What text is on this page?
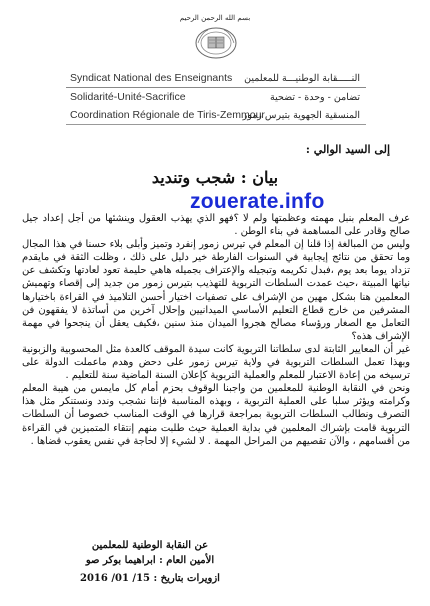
بسم الله الرحمن الرحيم
Syndicat National des Enseignants
Solidarité-Unité-Sacrifice
Coordination Régionale de Tiris-Zemmour
النـــــقابة الوطنيـــة للمعلمين
تضامن - وحدة - تضحية
المنسقية الجهوية بتيرس زمور
إلى السيد الوالي :
بيان : شجب وتنديد
zouerate.info

عرف المعلم بنبل مهمته وعظمتها ولم لا ؟فهو الذي يهذب العقول وينشئها من أجل إعداد جيل صالح وقادر على المساهمة في بناء الوطن .

وليس من المبالغة إذا قلنا إن المعلم في تيرس زمور إنفرد وتميز وأبلى بلاء حسنا في هذا المجال وما تحقق من نتائج إيجابية في السنوات الفارطة خير دليل على ذلك ، وظلت الثقة في مايقدم تزداد يوما بعد يوم ،فبدل تكريمه وتبجيله والإعتراف بجميله هاهي حليمة تعود لعادتها وتكشف عن نياتها المبيتة ،حيث عمدت السلطات التربوية للتهذيب بتيرس زمور من جديد إلى إقصاء وتهميش المعلمين هنا بشكل مهين من الإشراف على تصفيات اختيار أحسن التلاميذ في القراءة باختيارها المشرفين من خارج قطاع التعليم الأساسي الميدانيين وإحلال آخرين من أساتذة لا يفقهون فن التعامل مع الصغار ورؤساء مصالح هجروا الميدان منذ سنين ،فكيف يعقل أن ينجحوا في مهمة الإشراف هذه؟

غير أن المعايير الثابتة لدى سلطاتنا التربوية كانت سيدة الموقف كالعدة مثل المحسوبية والزبونية وبهذا تعمل السلطات التربوية في ولاية تيرس زمور على دحض وهدم ماعملت الدولة على ترسيخه من إعادة الاعتبار للمعلم والعملية التربوية كإعلان السنة الماضية سنة للتعليم .

ونحن في النقابة الوطنية للمعلمين من واجبنا الوقوف بحزم أمام كل مايمس من هيبة المعلم وكرامته ويؤثر سلبا على العملية التربوية ، وبهذه المناسبة فإننا نشجب وندد ونستنكر مثل هذا التصرف ونطالب السلطات التربوية بمراجعة قرارها في الوقت المناسب خصوصا أن السلطات التربوية قامت بإشراك المعلمين في بداية العملية حيث طلبت منهم إنتقاء المتميزين في القراءة من أقسامهم ، والآن تقصيهم من المراحل المهمة . لا لشيء إلا لحاجة في نفس يعقوب قضاها .

عن النقابة الوطنية للمعلمين
الأمين العام : ابراهيما بوكر صو
ازويرات بتاريخ : 15/ 01/ 2016
